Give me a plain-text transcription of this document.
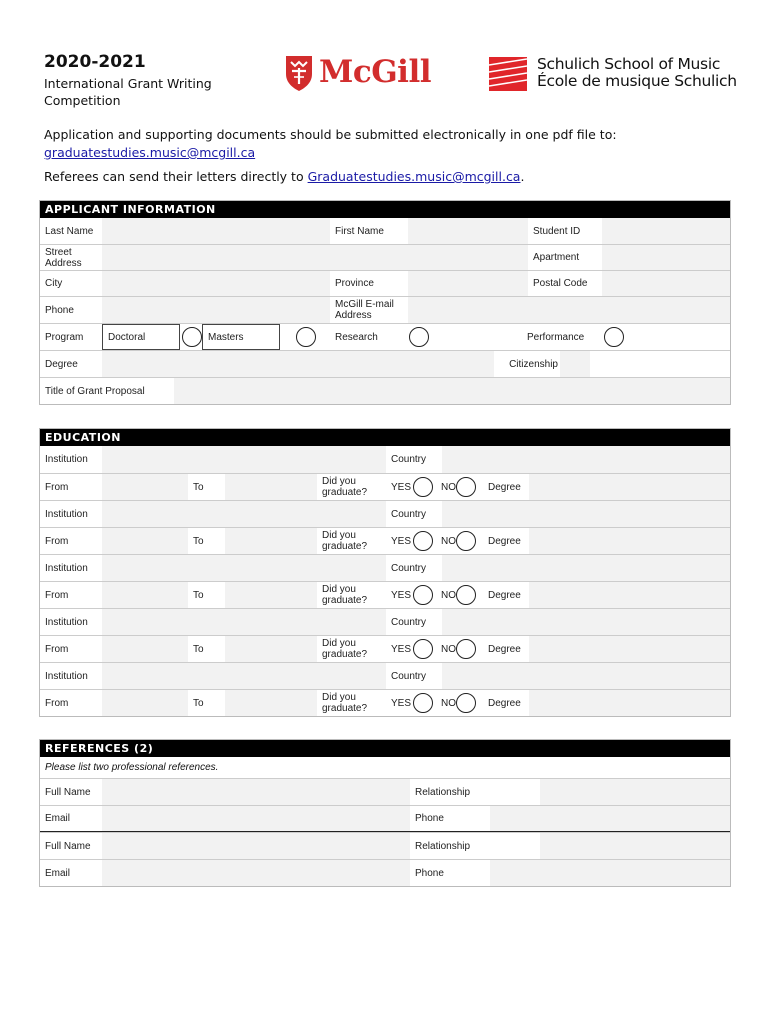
2020-2021
International Grant Writing
Competition
McGill	Schulich School of Music
École de musique Schulich

Application and supporting documents should be submitted electronically in one pdf file to:
graduatestudies.music@mcgill.ca

Referees can send their letters directly to Graduatestudies.music@mcgill.ca.

APPLICANT INFORMATION
Last Name	First Name	Student ID
Street Address	Apartment
City	Province	Postal Code
Phone	McGill E-mail Address
Program	Doctoral	Masters	Research	Performance
Degree	Citizenship
Title of Grant Proposal
EDUCATION
Institution	Country
From	To	Did you graduate?	YES	NO	Degree
Institution	Country
From	To	Did you graduate?	YES	NO	Degree
Institution	Country
From	To	Did you graduate?	YES	NO	Degree
Institution	Country
From	To	Did you graduate?	YES	NO	Degree
Institution	Country
From	To	Did you graduate?	YES	NO	Degree
REFERENCES (2)
Please list two professional references.
Full Name	Relationship
Email	Phone
Full Name	Relationship
Email	Phone
